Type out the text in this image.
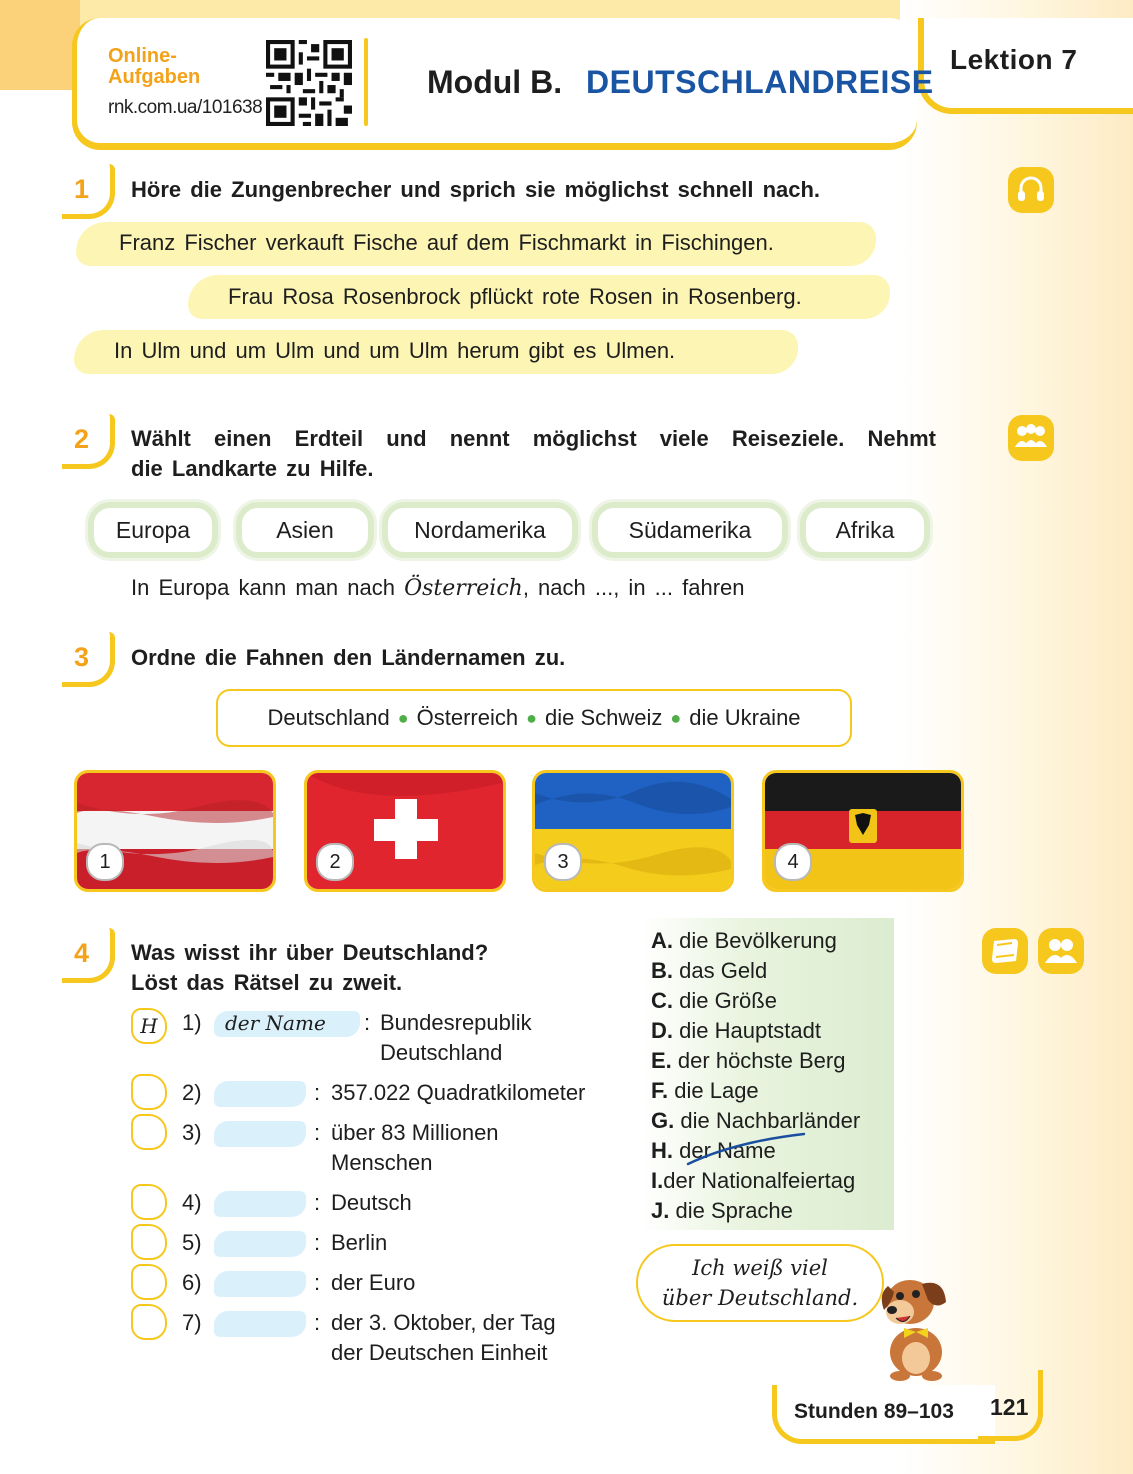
Lektion 7
Online-
Aufgaben
rnk.com.ua/101638
Modul B. DEUTSCHLANDREISE
1 Höre die Zungenbrecher und sprich sie möglichst schnell nach.
Franz Fischer verkauft Fische auf dem Fischmarkt in Fischingen.
Frau Rosa Rosenbrock pflückt rote Rosen in Rosenberg.
In Ulm und um Ulm und um Ulm herum gibt es Ulmen.
2 Wählt einen Erdteil und nennt möglichst viele Reiseziele. Nehmt
die Landkarte zu Hilfe.
Europa	Asien	Nordamerika	Südamerika	Afrika
In Europa kann man nach Österreich, nach ..., in ... fahren
3 Ordne die Fahnen den Ländernamen zu.
Deutschland ● Österreich ● die Schweiz ● die Ukraine
1	2	3	4
4 Was wisst ihr über Deutschland?
Löst das Rätsel zu zweit.
H	1) der Name : Bundesrepublik
Deutschland
2)	: 357.022 Quadratkilometer
3)	: über 83 Millionen
Menschen
4)	: Deutsch
5)	: Berlin
6)	: der Euro
7)	: der 3. Oktober, der Tag
der Deutschen Einheit
A. die Bevölkerung
B. das Geld
C. die Größe
D. die Hauptstadt
E. der höchste Berg
F. die Lage
G. die Nachbarländer
H. der Name
I.der Nationalfeiertag
J. die Sprache
Ich weiß viel
über Deutschland.
Stunden 89–103 121
